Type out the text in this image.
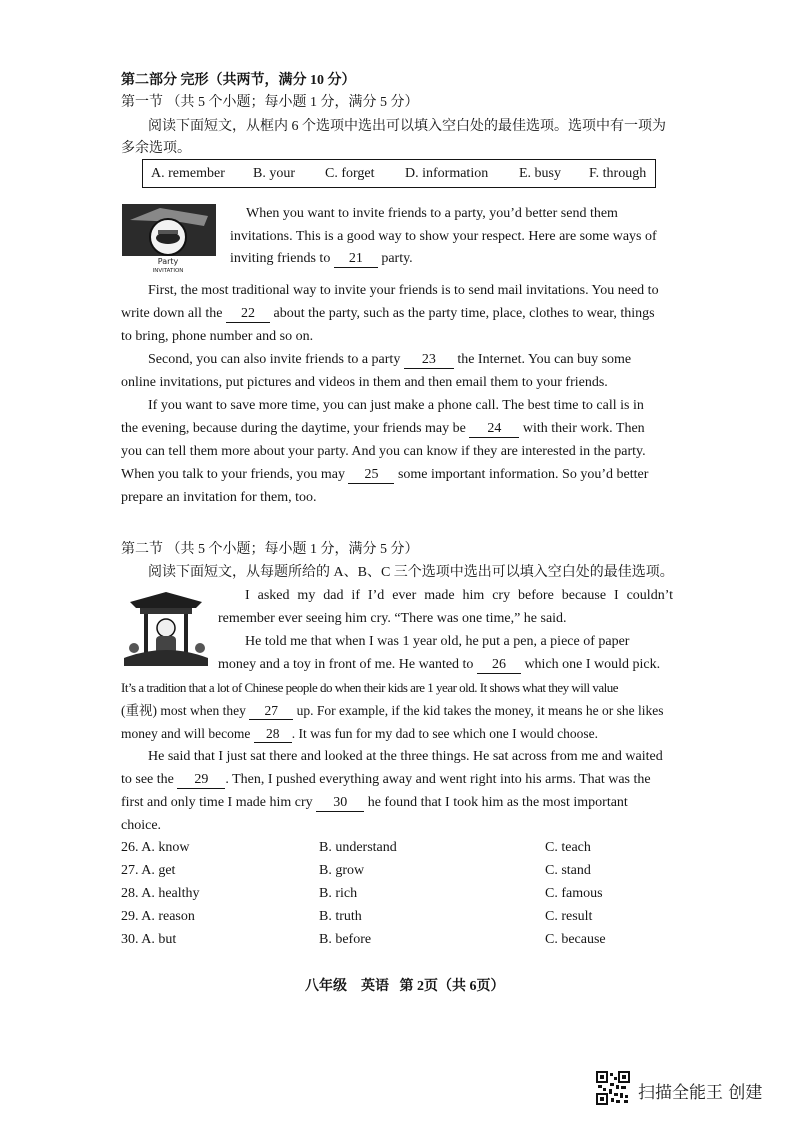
第二部分 完形（共两节，满分 10 分）
第一节 （共 5 个小题；每小题 1 分，满分 5 分）
阅读下面短文，从框内 6 个选项中选出可以填入空白处的最佳选项。选项中有一项为
多余选项。
A. remember B. your C. forget D. information E. busy F. through
Party
INVITATION
When you want to invite friends to a party, you’d better send them
invitations. This is a good way to show your respect. Here are some ways of
inviting friends to 21 party.
First, the most traditional way to invite your friends is to send mail invitations. You need to
write down all the 22 about the party, such as the party time, place, clothes to wear, things
to bring, phone number and so on.
Second, you can also invite friends to a party 23 the Internet. You can buy some
online invitations, put pictures and videos in them and then email them to your friends.
If you want to save more time, you can just make a phone call. The best time to call is in
the evening, because during the daytime, your friends may be 24 with their work. Then
you can tell them more about your party. And you can know if they are interested in the party.
When you talk to your friends, you may 25 some important information. So you’d better
prepare an invitation for them, too.
第二节 （共 5 个小题；每小题 1 分，满分 5 分）
阅读下面短文，从每题所给的 A、B、C 三个选项中选出可以填入空白处的最佳选项。
I asked my dad if I’d ever made him cry before because I couldn’t
remember ever seeing him cry. “There was one time,” he said.
He told me that when I was 1 year old, he put a pen, a piece of paper
money and a toy in front of me. He wanted to 26 which one I would pick.
It’s a tradition that a lot of Chinese people do when their kids are 1 year old. It shows what they will value
(重视) most when they 27 up. For example, if the kid takes the money, it means he or she likes
money and will become 28 . It was fun for my dad to see which one I would choose.
He said that I just sat there and looked at the three things. He sat across from me and waited
to see the 29 . Then, I pushed everything away and went right into his arms. That was the
first and only time I made him cry 30 he found that I took him as the most important
choice.
26. A. know	B. understand	C. teach
27. A. get	B. grow	C. stand
28. A. healthy	B. rich	C. famous
29. A. reason	B. truth	C. result
30. A. but	B. before	C. because
八年级    英语   第 2页（共 6页）
扫描全能王 创建
